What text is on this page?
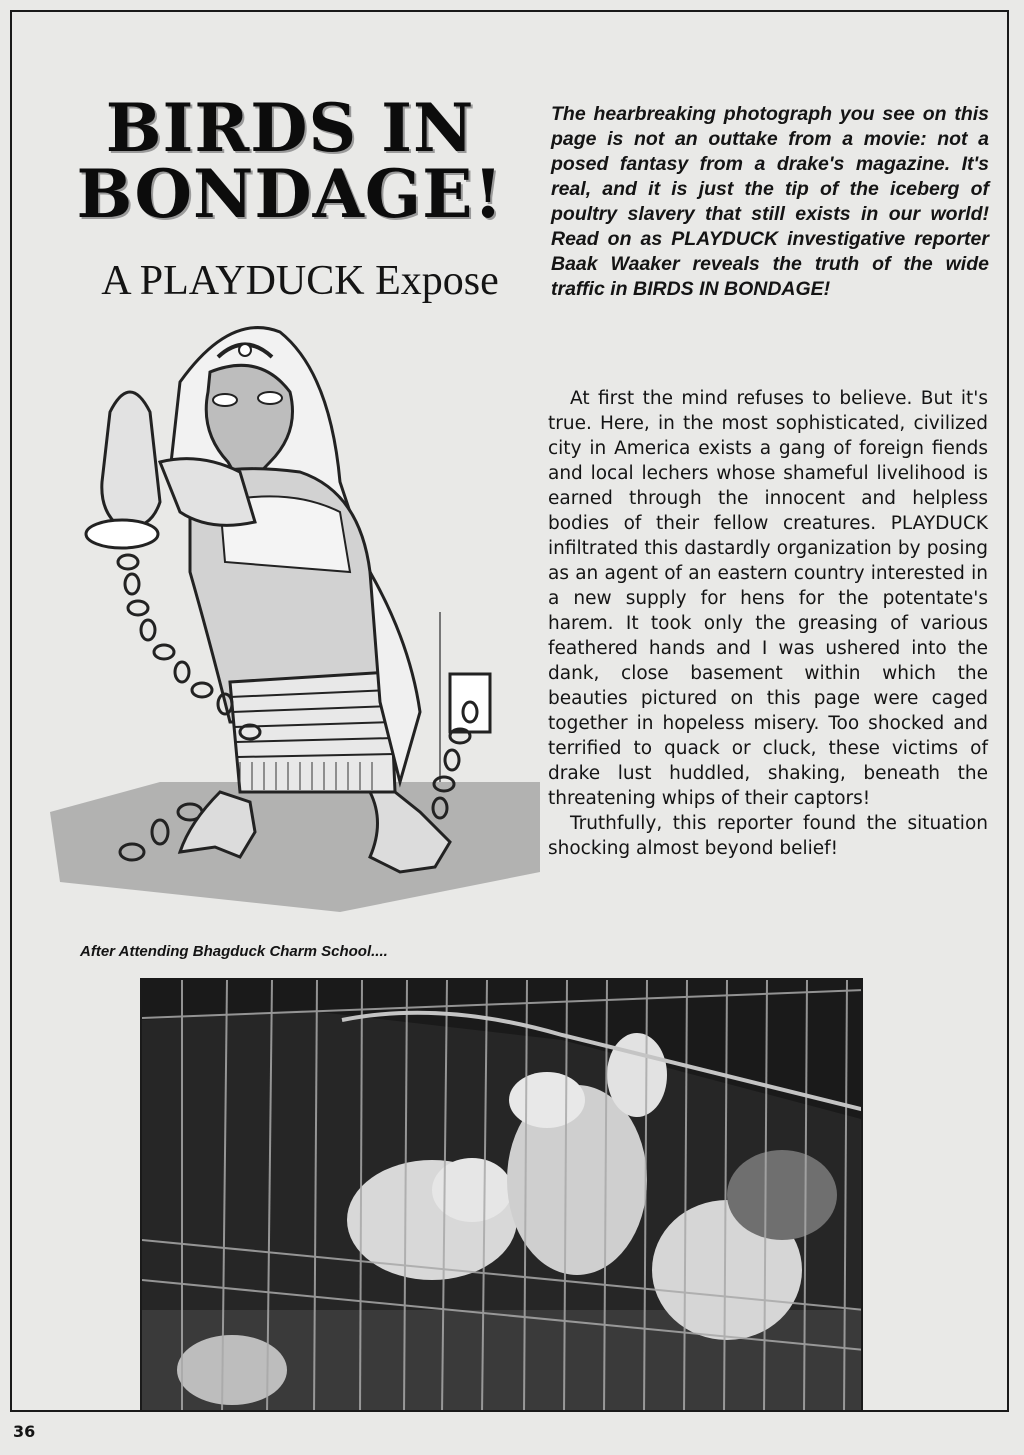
BIRDS IN
BONDAGE!
A PLAYDUCK Expose

The hearbreaking photograph you see on this page is not an outtake from a movie: not a posed fantasy from a drake's magazine. It's real, and it is just the tip of the iceberg of poultry slavery that still exists in our world! Read on as PLAYDUCK investigative reporter Baak Waaker reveals the truth of the wide traffic in BIRDS IN BONDAGE!

At first the mind refuses to believe. But it's true. Here, in the most sophisticated, civilized city in America exists a gang of foreign fiends and local lechers whose shameful livelihood is earned through the innocent and helpless bodies of their fellow creatures. PLAYDUCK infiltrated this dastardly organization by posing as an agent of an eastern country interested in a new supply for hens for the potentate's harem. It took only the greasing of various feathered hands and I was ushered into the dank, close basement within which the beauties pictured on this page were caged together in hopeless misery. Too shocked and terrified to quack or cluck, these victims of drake lust huddled, shaking, beneath the threatening whips of their captors!

Truthfully, this reporter found the situation shocking almost beyond belief!

After Attending Bhagduck Charm School....
36
